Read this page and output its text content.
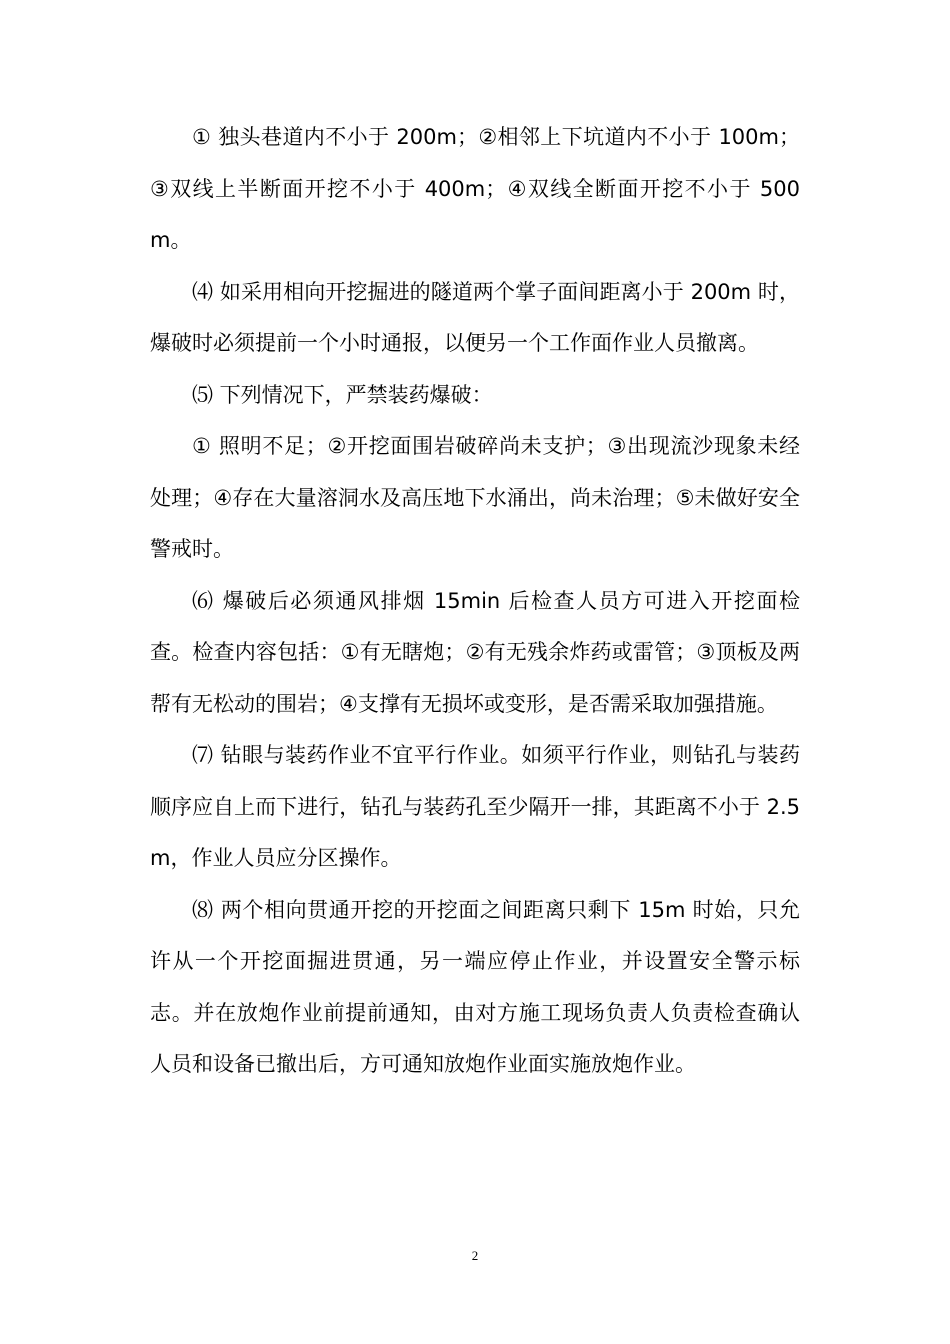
① 独头巷道内不小于 200m；②相邻上下坑道内不小于 100m；③双线上半断面开挖不小于 400m；④双线全断面开挖不小于 500m。

⑷ 如采用相向开挖掘进的隧道两个掌子面间距离小于 200m 时，爆破时必须提前一个小时通报，以便另一个工作面作业人员撤离。

⑸ 下列情况下，严禁装药爆破：

① 照明不足；②开挖面围岩破碎尚未支护；③出现流沙现象未经处理；④存在大量溶洞水及高压地下水涌出，尚未治理；⑤未做好安全警戒时。

⑹ 爆破后必须通风排烟 15min 后检查人员方可进入开挖面检查。检查内容包括：①有无瞎炮；②有无残余炸药或雷管；③顶板及两帮有无松动的围岩；④支撑有无损坏或变形，是否需采取加强措施。

⑺ 钻眼与装药作业不宜平行作业。如须平行作业，则钻孔与装药顺序应自上而下进行，钻孔与装药孔至少隔开一排，其距离不小于 2.5m，作业人员应分区操作。

⑻ 两个相向贯通开挖的开挖面之间距离只剩下 15m 时始，只允许从一个开挖面掘进贯通，另一端应停止作业，并设置安全警示标志。并在放炮作业前提前通知，由对方施工现场负责人负责检查确认人员和设备已撤出后，方可通知放炮作业面实施放炮作业。

2
